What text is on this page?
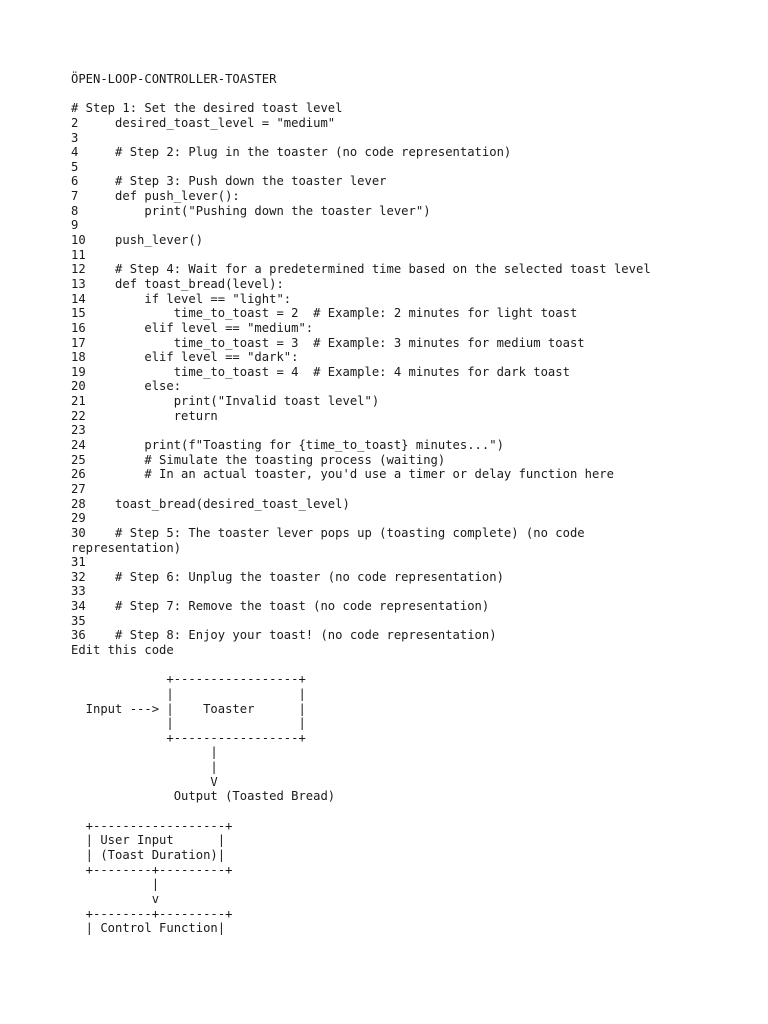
ÖPEN-LOOP-CONTROLLER-TOASTER
# Step 1: Set the desired toast level
2     desired_toast_level = "medium"
3
4     # Step 2: Plug in the toaster (no code representation)
5
6     # Step 3: Push down the toaster lever
7     def push_lever():
8         print("Pushing down the toaster lever")
9
10    push_lever()
11
12    # Step 4: Wait for a predetermined time based on the selected toast level
13    def toast_bread(level):
14        if level == "light":
15            time_to_toast = 2  # Example: 2 minutes for light toast
16        elif level == "medium":
17            time_to_toast = 3  # Example: 3 minutes for medium toast
18        elif level == "dark":
19            time_to_toast = 4  # Example: 4 minutes for dark toast
20        else:
21            print("Invalid toast level")
22            return
23
24        print(f"Toasting for {time_to_toast} minutes...")
25        # Simulate the toasting process (waiting)
26        # In an actual toaster, you'd use a timer or delay function here
27
28    toast_bread(desired_toast_level)
29
30    # Step 5: The toaster lever pops up (toasting complete) (no code
representation)
31
32    # Step 6: Unplug the toaster (no code representation)
33
34    # Step 7: Remove the toast (no code representation)
35
36    # Step 8: Enjoy your toast! (no code representation)
Edit this code
+-----------------+
|                 |
Input ---> |    Toaster      |
|                 |
+-----------------+
|
|
V
Output (Toasted Bread)
+------------------+
| User Input      |
| (Toast Duration)|
+--------+---------+
|
v
+--------+---------+
| Control Function|
